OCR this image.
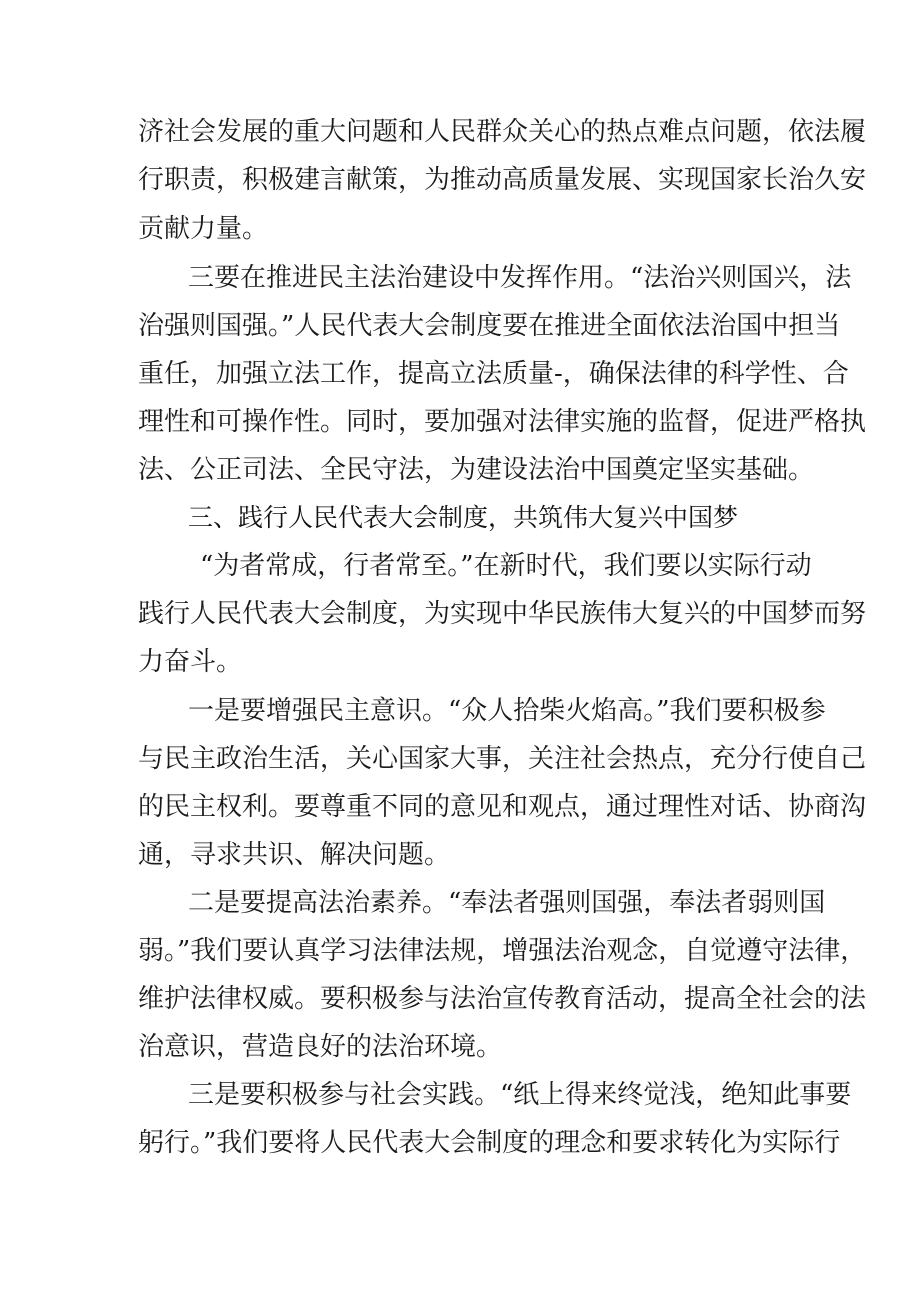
济社会发展的重大问题和人民群众关心的热点难点问题，依法履
行职责，积极建言献策，为推动高质量发展、实现国家长治久安
贡献力量。
三要在推进民主法治建设中发挥作用。“法治兴则国兴，法
治强则国强。”人民代表大会制度要在推进全面依法治国中担当
重任，加强立法工作，提高立法质量-，确保法律的科学性、合
理性和可操作性。同时，要加强对法律实施的监督，促进严格执
法、公正司法、全民守法，为建设法治中国奠定坚实基础。
三、践行人民代表大会制度，共筑伟大复兴中国梦
“为者常成，行者常至。”在新时代，我们要以实际行动
践行人民代表大会制度，为实现中华民族伟大复兴的中国梦而努
力奋斗。
一是要增强民主意识。“众人拾柴火焰高。”我们要积极参
与民主政治生活，关心国家大事，关注社会热点，充分行使自己
的民主权利。要尊重不同的意见和观点，通过理性对话、协商沟
通，寻求共识、解决问题。
二是要提高法治素养。“奉法者强则国强，奉法者弱则国
弱。”我们要认真学习法律法规，增强法治观念，自觉遵守法律，
维护法律权威。要积极参与法治宣传教育活动，提高全社会的法
治意识，营造良好的法治环境。
三是要积极参与社会实践。“纸上得来终觉浅，绝知此事要
躬行。”我们要将人民代表大会制度的理念和要求转化为实际行
